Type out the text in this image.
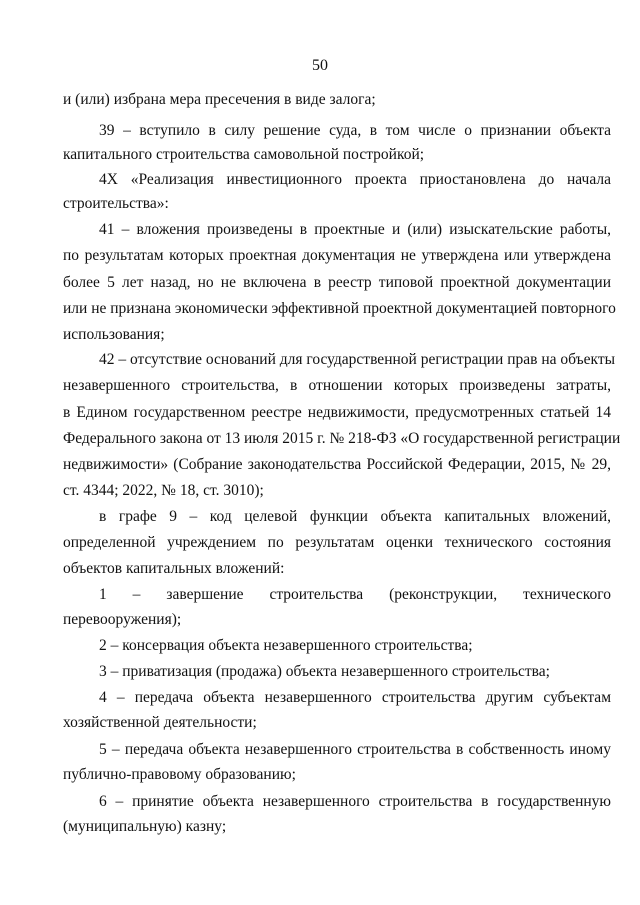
50
и (или) избрана мера пресечения в виде залога;
39 – вступило в силу решение суда, в том числе о признании объекта
капитального строительства самовольной постройкой;
4Х «Реализация инвестиционного проекта приостановлена до начала
строительства»:
41 – вложения произведены в проектные и (или) изыскательские работы,
по результатам которых проектная документация не утверждена или утверждена
более 5 лет назад, но не включена в реестр типовой проектной документации
или не признана экономически эффективной проектной документацией повторного
использования;
42 – отсутствие оснований для государственной регистрации прав на объекты
незавершенного строительства, в отношении которых произведены затраты,
в Едином государственном реестре недвижимости, предусмотренных статьей 14
Федерального закона от 13 июля 2015 г. № 218-ФЗ «О государственной регистрации
недвижимости» (Собрание законодательства Российской Федерации, 2015, № 29,
ст. 4344; 2022, № 18, ст. 3010);
в графе 9 – код целевой функции объекта капитальных вложений,
определенной учреждением по результатам оценки технического состояния
объектов капитальных вложений:
1 – завершение строительства (реконструкции, технического
перевооружения);
2 – консервация объекта незавершенного строительства;
3 – приватизация (продажа) объекта незавершенного строительства;
4 – передача объекта незавершенного строительства другим субъектам
хозяйственной деятельности;
5 – передача объекта незавершенного строительства в собственность иному
публично-правовому образованию;
6 – принятие объекта незавершенного строительства в государственную
(муниципальную) казну;
